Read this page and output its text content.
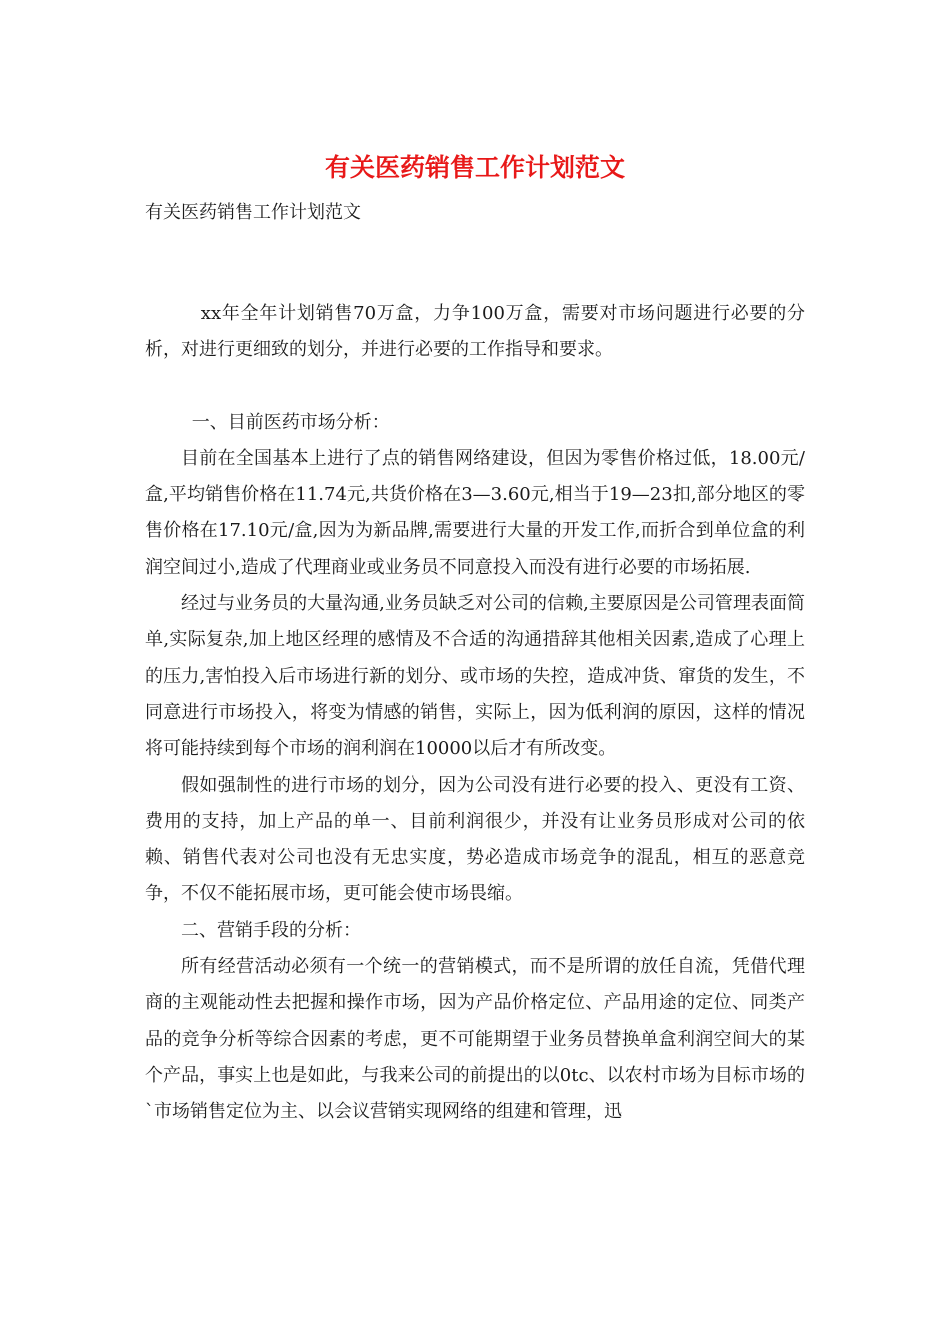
有关医药销售工作计划范文

有关医药销售工作计划范文

xx年全年计划销售70万盒，力争100万盒，需要对市场问题进行必要的分析，对进行更细致的划分，并进行必要的工作指导和要求。

一、目前医药市场分析：

目前在全国基本上进行了点的销售网络建设，但因为零售价格过低，18.00元/盒,平均销售价格在11.74元,共货价格在3—3.60元,相当于19—23扣,部分地区的零售价格在17.10元/盒,因为为新品牌,需要进行大量的开发工作,而折合到单位盒的利润空间过小,造成了代理商业或业务员不同意投入而没有进行必要的市场拓展.

经过与业务员的大量沟通,业务员缺乏对公司的信赖,主要原因是公司管理表面简单,实际复杂,加上地区经理的感情及不合适的沟通措辞其他相关因素,造成了心理上的压力,害怕投入后市场进行新的划分、或市场的失控，造成冲货、窜货的发生，不同意进行市场投入，将变为情感的销售，实际上，因为低利润的原因，这样的情况将可能持续到每个市场的润利润在10000以后才有所改变。

假如强制性的进行市场的划分，因为公司没有进行必要的投入、更没有工资、费用的支持，加上产品的单一、目前利润很少，并没有让业务员形成对公司的依赖、销售代表对公司也没有无忠实度，势必造成市场竞争的混乱，相互的恶意竞争，不仅不能拓展市场，更可能会使市场畏缩。

二、营销手段的分析：

所有经营活动必须有一个统一的营销模式，而不是所谓的放任自流，凭借代理商的主观能动性去把握和操作市场，因为产品价格定位、产品用途的定位、同类产品的竞争分析等综合因素的考虑，更不可能期望于业务员替换单盒利润空间大的某个产品，事实上也是如此，与我来公司的前提出的以0tc、以农村市场为目标市场的`市场销售定位为主、以会议营销实现网络的组建和管理，迅
